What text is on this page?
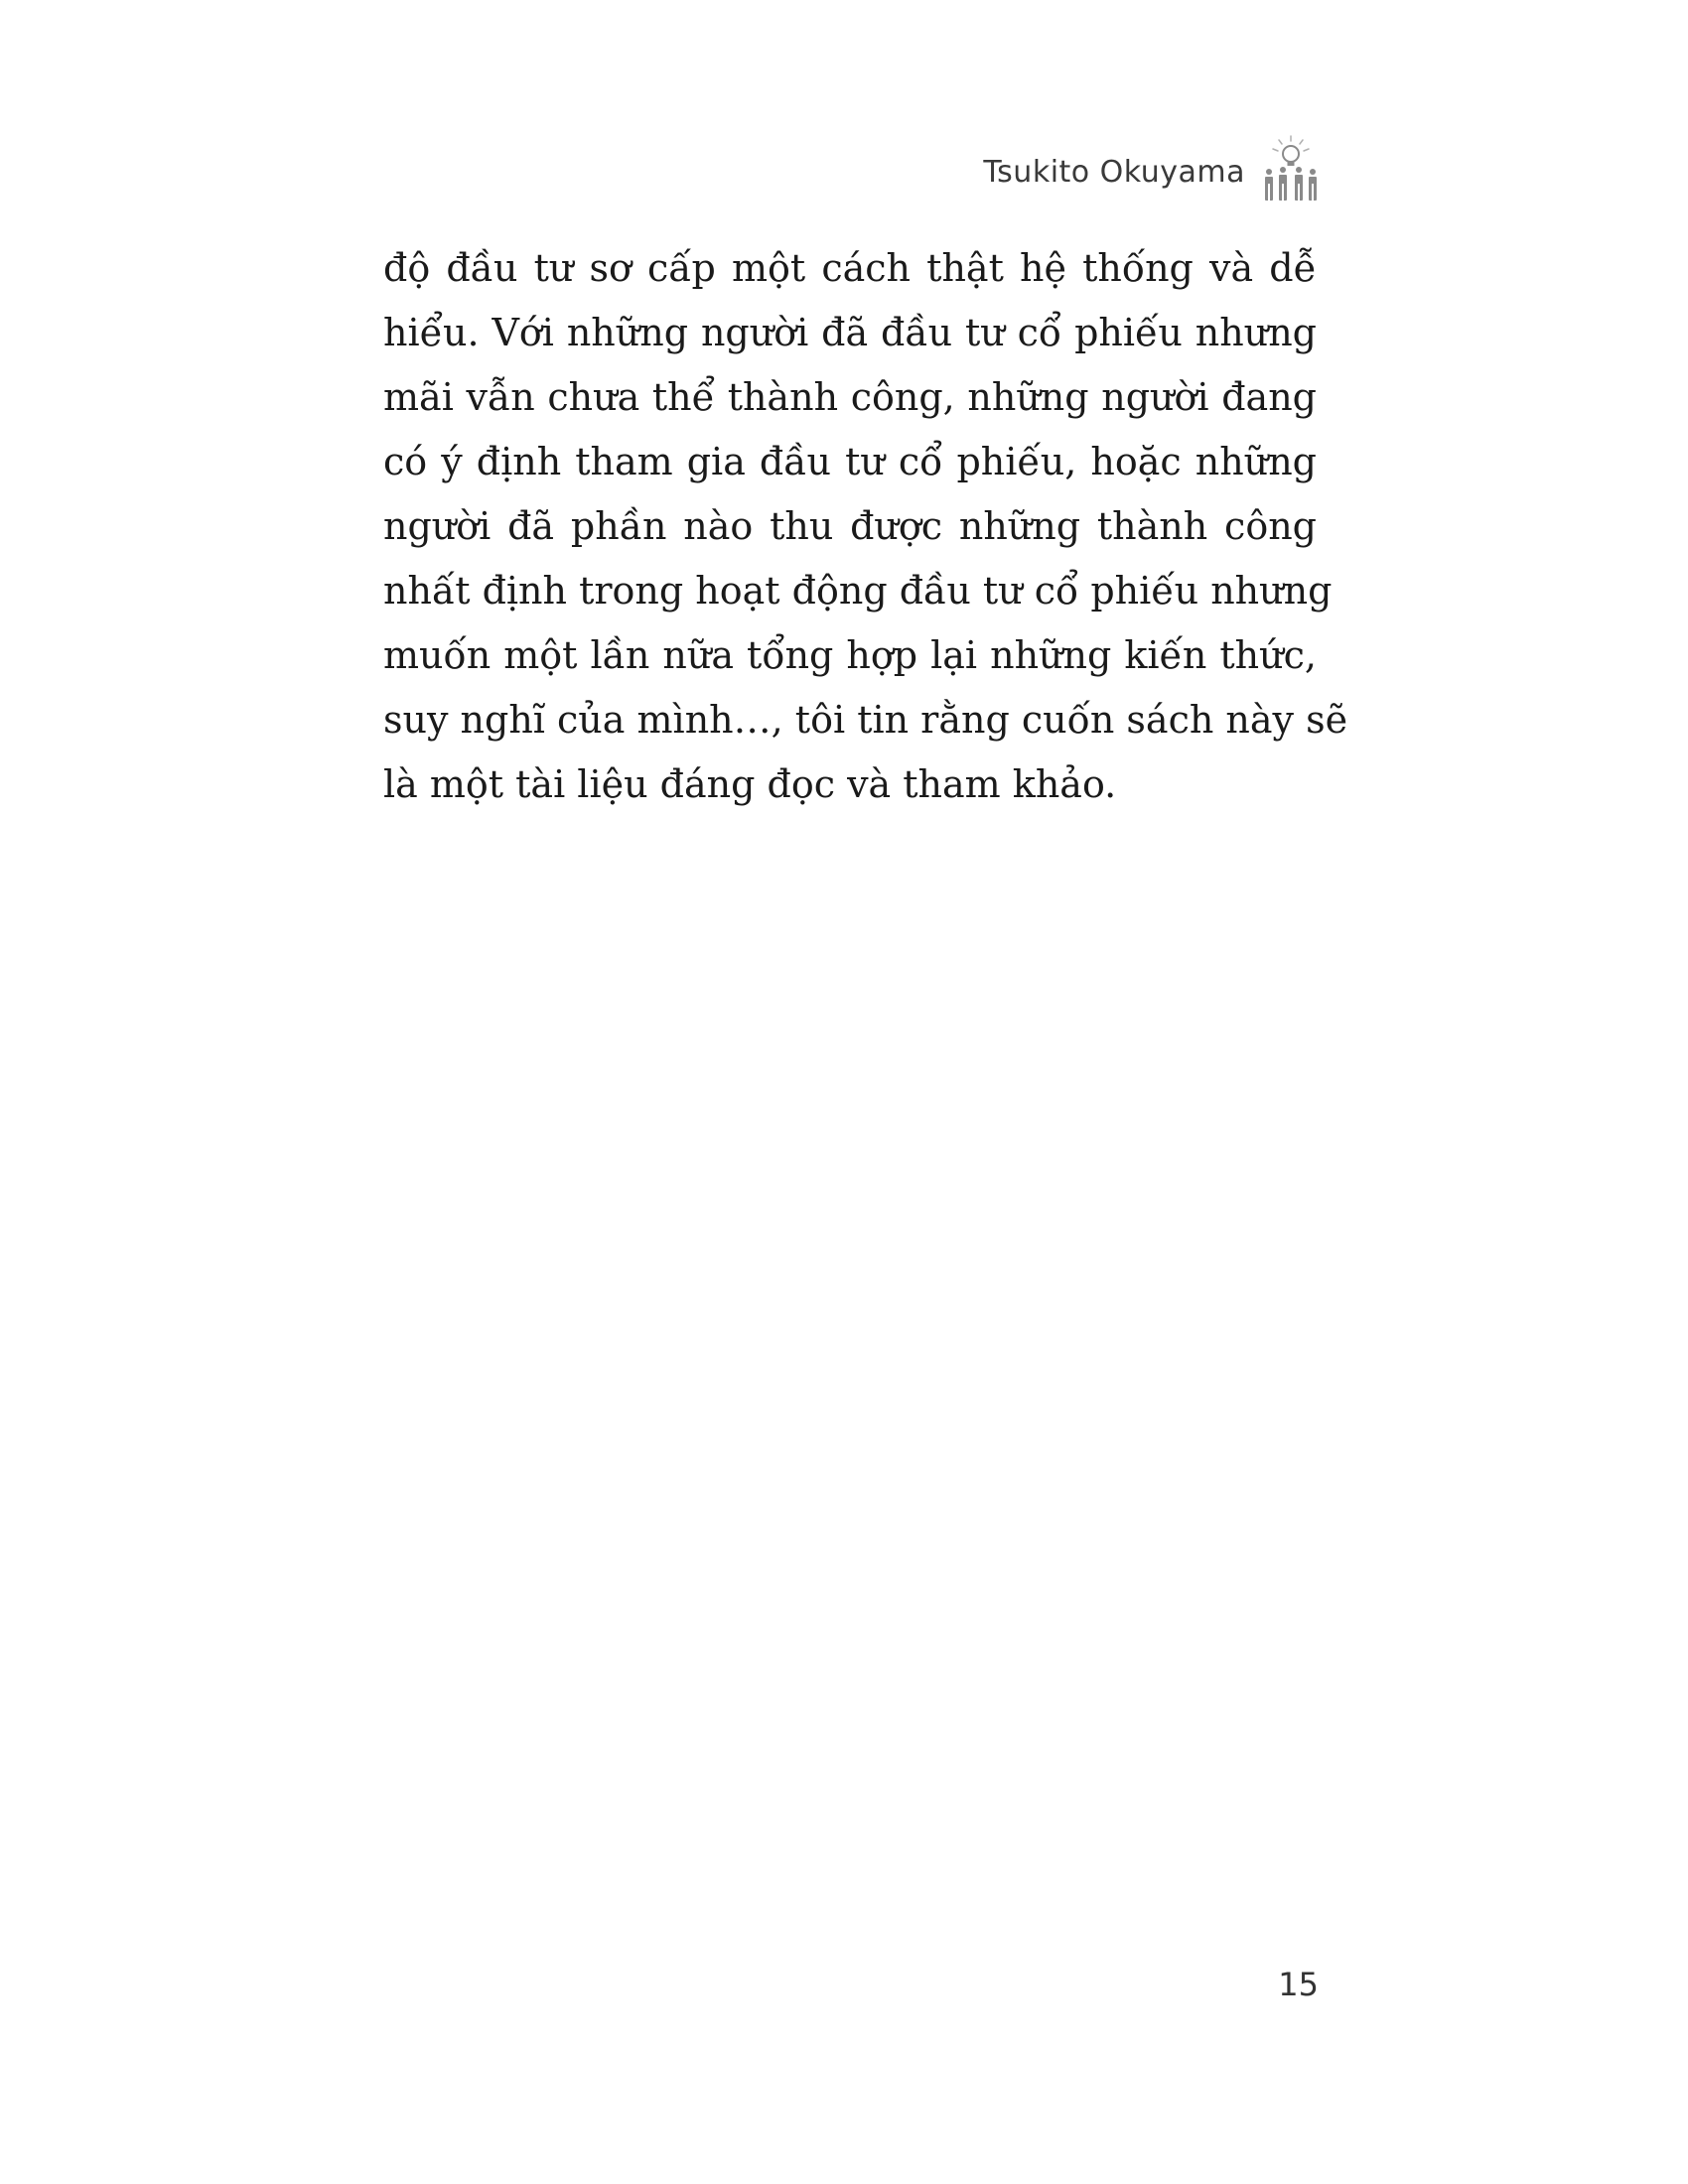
Tsukito Okuyama

độ đầu tư sơ cấp một cách thật hệ thống và dễ
hiểu. Với những người đã đầu tư cổ phiếu nhưng
mãi vẫn chưa thể thành công, những người đang
có ý định tham gia đầu tư cổ phiếu, hoặc những
người đã phần nào thu được những thành công
nhất định trong hoạt động đầu tư cổ phiếu nhưng
muốn một lần nữa tổng hợp lại những kiến thức,
suy nghĩ của mình…, tôi tin rằng cuốn sách này sẽ
là một tài liệu đáng đọc và tham khảo.

15
